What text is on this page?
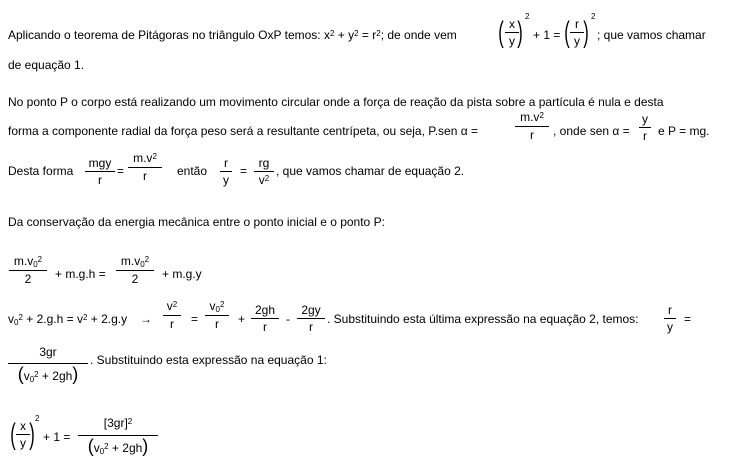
Aplicando o teorema de Pitágoras no triângulo OxP temos: $x^2 + y^2 = r^2$; de onde vem ( $\frac{x}{y}$
) 2
+ 1 = ( $\frac{r}{y}$ ) 2
; que vamos chamar
de equação 1.
No ponto P o corpo está realizando um movimento circular onde a força de reação da pista sobre a partícula é nula e desta
forma a componente radial da força peso será a resultante centrípeta, ou seja, P.sen α =	$\frac{m.v^2}{r}$ , onde sen $\alpha = \frac{y}{r}$ e P = mg.
Desta forma
mgy
r
= $\frac{m.v^2}{r}$ então $\frac{r}{y} = \frac{rg}{v^2}$ , que vamos chamar de equação 2.
Da conservação da energia mecânica entre o ponto inicial e o ponto P:
$\frac{m.v_0^2}{2} + m.g.h = \frac{m.v_0^2}{2} + m.g.y$
$v_0^2 + 2.g.h = v^2 + 2.g.y \to \frac{v^2}{r} = \frac{v_0^2}{r} + \frac{2gh}{r} - \frac{2gy}{r}$ . Substituindo esta última expressão na equação 2, temos: $\frac{r}{y}$ =
$\frac{3gr}{(v_0^2 + 2gh)}$ . Substituindo esta expressão na equação 1:
( $\frac{x}{y}$ ) 2
+ $1 = \frac{[3gr]^2}{(v_0^2 + 2gh)}$
